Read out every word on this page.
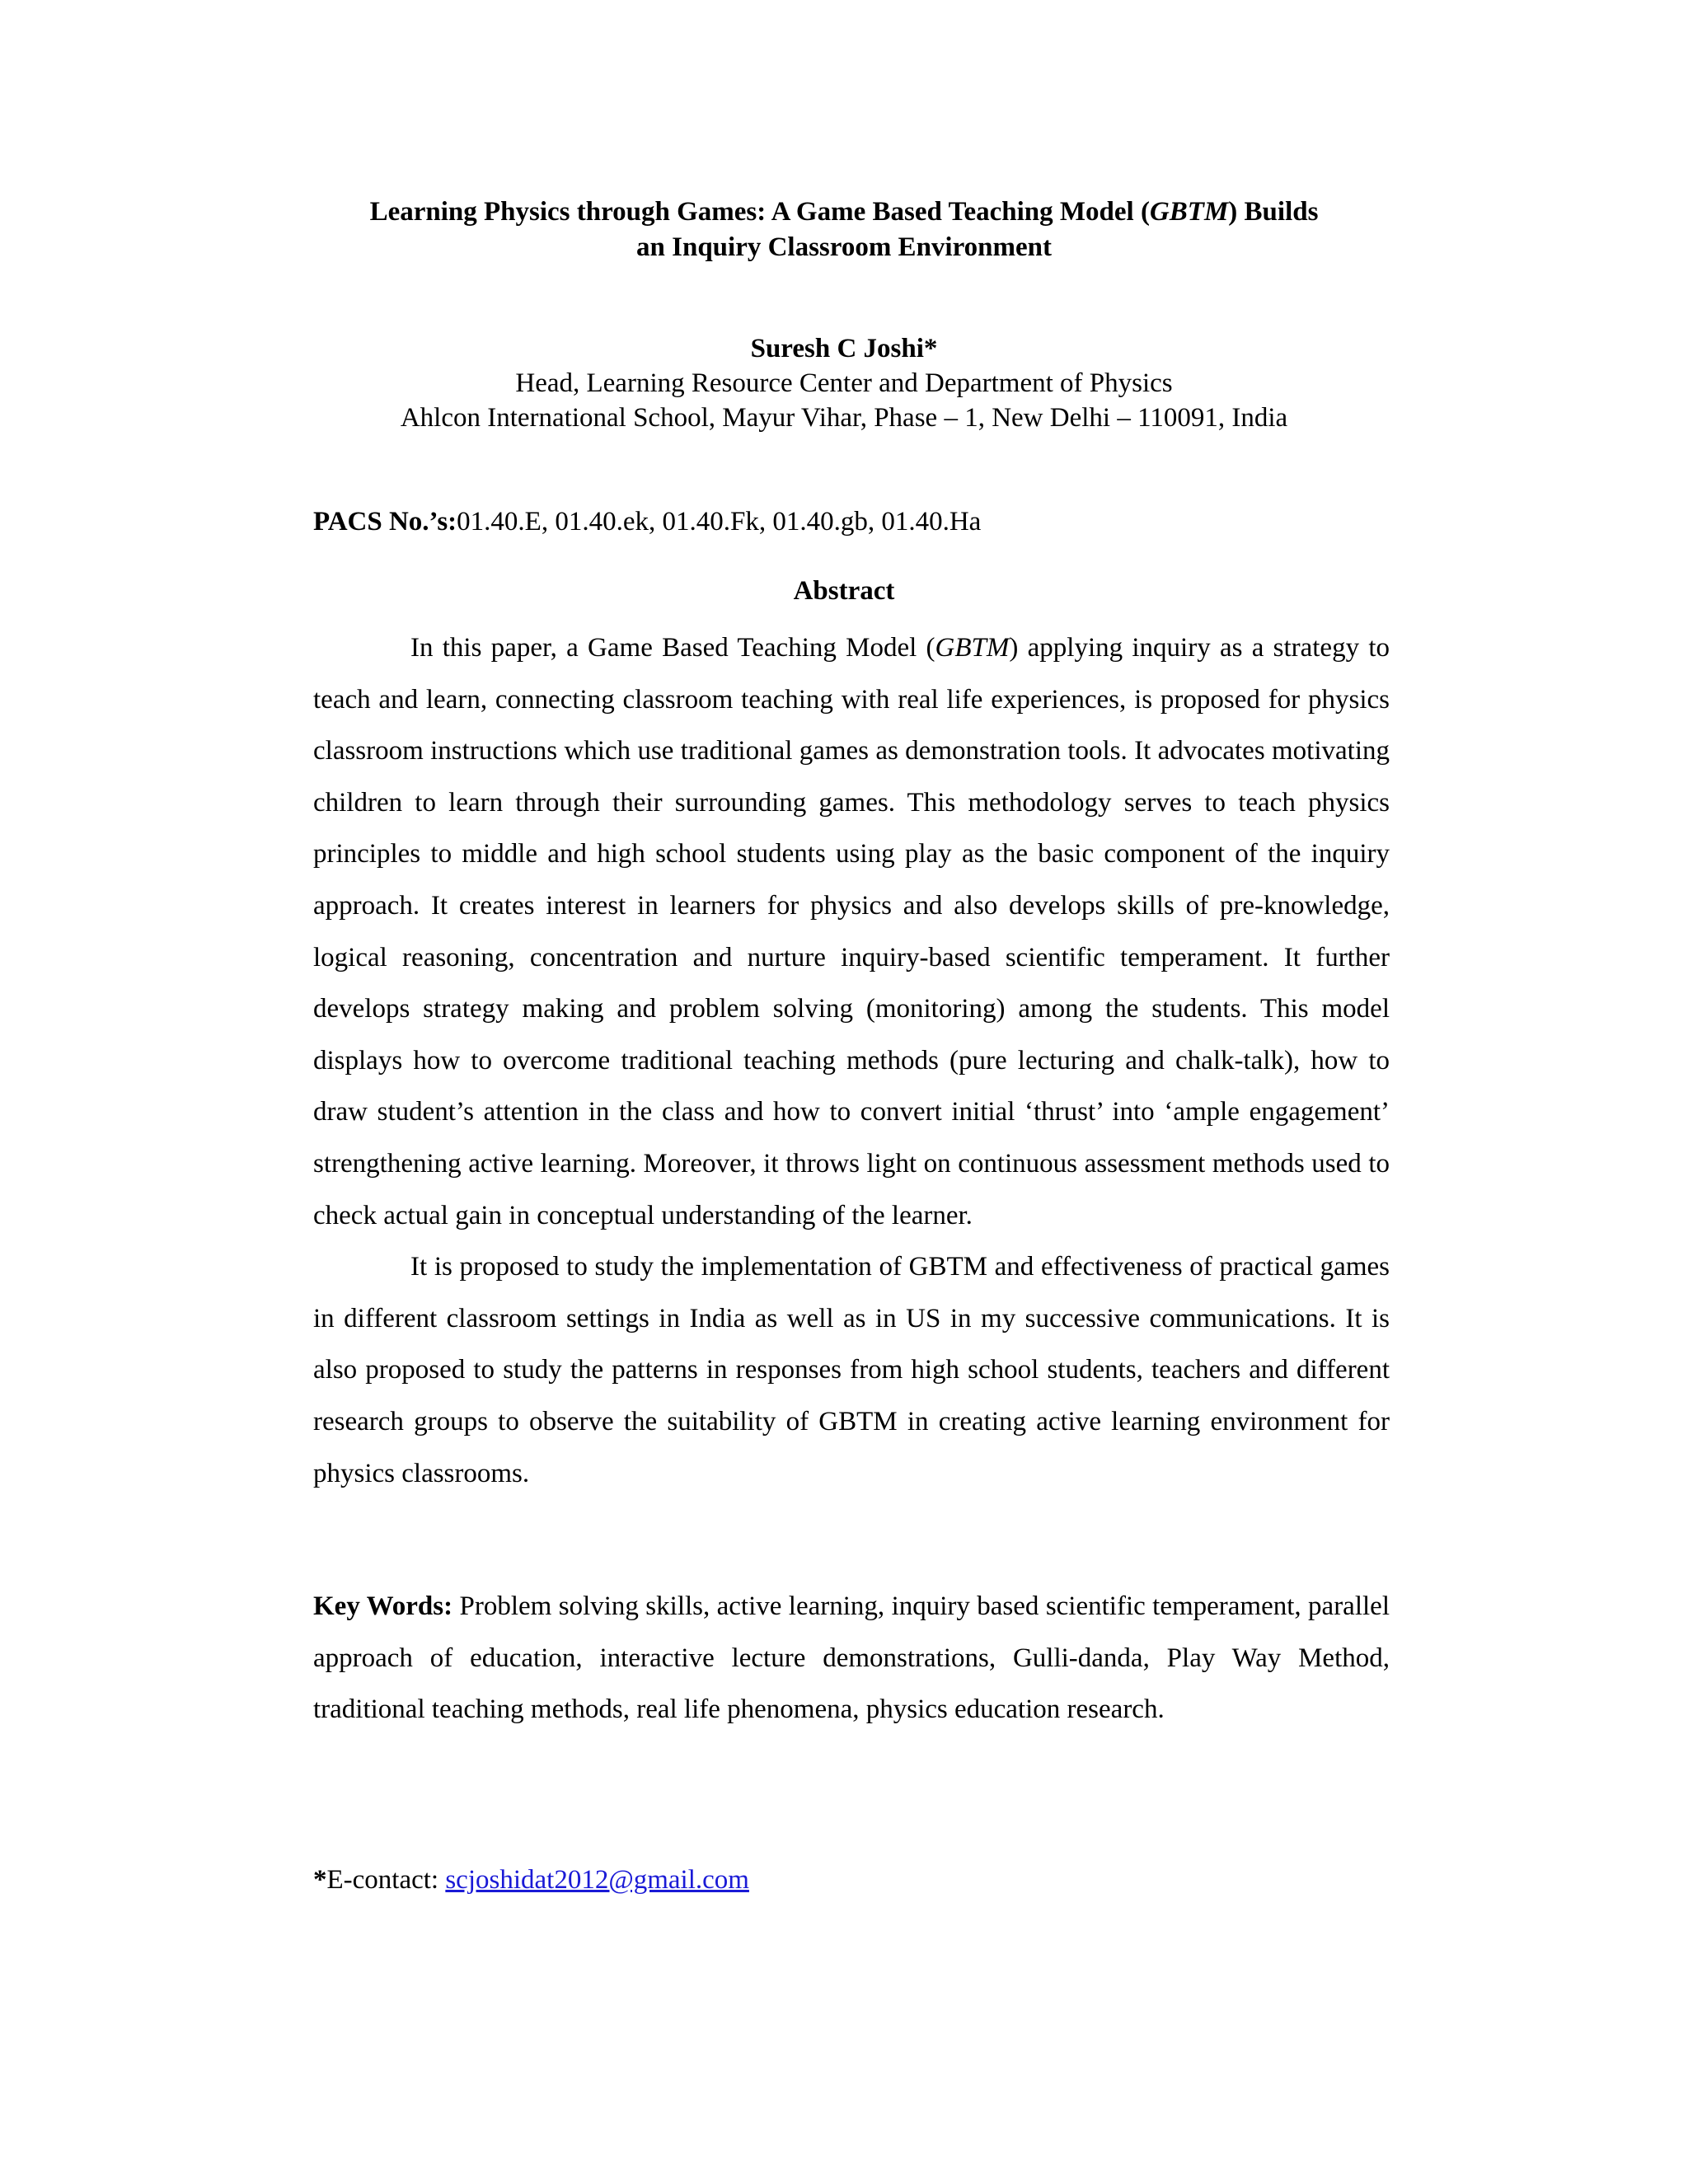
Learning Physics through Games: A Game Based Teaching Model (GBTM) Builds
an Inquiry Classroom Environment
Suresh C Joshi*
Head, Learning Resource Center and Department of Physics
Ahlcon International School, Mayur Vihar, Phase – 1, New Delhi – 110091, India
PACS No.’s:01.40.E, 01.40.ek, 01.40.Fk, 01.40.gb, 01.40.Ha
Abstract

In this paper, a Game Based Teaching Model (GBTM) applying inquiry as a strategy to teach and learn, connecting classroom teaching with real life experiences, is proposed for physics classroom instructions which use traditional games as demonstration tools. It advocates motivating children to learn through their surrounding games. This methodology serves to teach physics principles to middle and high school students using play as the basic component of the inquiry approach. It creates interest in learners for physics and also develops skills of pre-knowledge, logical reasoning, concentration and nurture inquiry-based scientific temperament. It further develops strategy making and problem solving (monitoring) among the students. This model displays how to overcome traditional teaching methods (pure lecturing and chalk-talk), how to draw student’s attention in the class and how to convert initial ‘thrust’ into ‘ample engagement’ strengthening active learning. Moreover, it throws light on continuous assessment methods used to check actual gain in conceptual understanding of the learner.

It is proposed to study the implementation of GBTM and effectiveness of practical games in different classroom settings in India as well as in US in my successive communications. It is also proposed to study the patterns in responses from high school students, teachers and different research groups to observe the suitability of GBTM in creating active learning environment for physics classrooms.

Key Words: Problem solving skills, active learning, inquiry based scientific temperament, parallel approach of education, interactive lecture demonstrations, Gulli-danda, Play Way Method, traditional teaching methods, real life phenomena, physics education research.

*E-contact: scjoshidat2012@gmail.com
